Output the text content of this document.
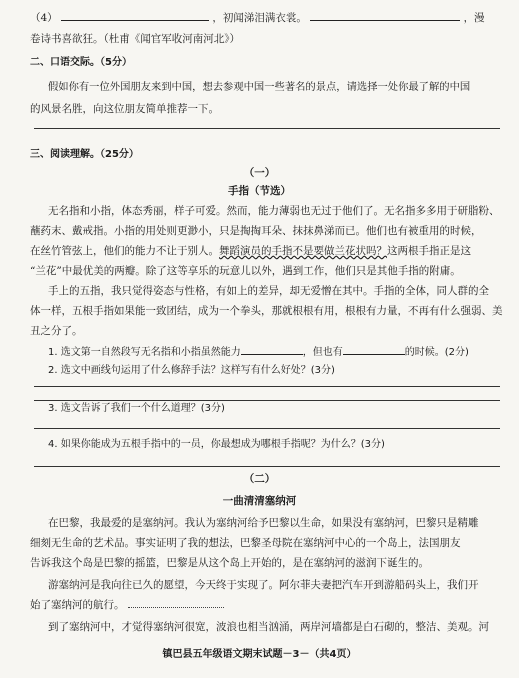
（4）	，初闻涕泪满衣裳。	，漫
卷诗书喜欲狂。（杜甫《闻官军收河南河北》）
二、口语交际。（5分）
假如你有一位外国朋友来到中国，想去参观中国一些著名的景点，请选择一处你最了解的中国
的风景名胜，向这位朋友简单推荐一下。
三、阅读理解。（25分）
（一）
手指（节选）
无名指和小指，体态秀丽，样子可爱。然而，能力薄弱也无过于他们了。无名指多多用于研脂粉、
蘸药末、戴戒指。小指的用处则更渺小，只是掏掏耳朵、抹抹鼻涕而已。他们也有被重用的时候，
在丝竹管弦上，他们的能力不让于别人。舞蹈演员的手指不是要做兰花状吗？这两根手指正是这
“兰花”中最优美的两瓣。除了这等享乐的玩意儿以外，遇到工作，他们只是其他手指的附庸。
手上的五指，我只觉得姿态与性格，有如上的差异，却无爱憎在其中。手指的全体，同人群的全
体一样，五根手指如果能一致团结，成为一个拳头，那就根根有用，根根有力量，不再有什么强弱、美
丑之分了。
1. 选文第一自然段写无名指和小指虽然能力	，但也有	的时候。(2分)
2. 选文中画线句运用了什么修辞手法？这样写有什么好处？(3分)
3. 选文告诉了我们一个什么道理？(3分)
4. 如果你能成为五根手指中的一员，你最想成为哪根手指呢？为什么？(3分)
（二）
一曲清清塞纳河
在巴黎，我最爱的是塞纳河。我认为塞纳河给予巴黎以生命，如果没有塞纳河，巴黎只是精雕
细刻无生命的艺术品。事实证明了我的想法，巴黎圣母院在塞纳河中心的一个岛上，法国朋友
告诉我这个岛是巴黎的摇篮，巴黎是从这个岛上开始的，是在塞纳河的滋润下诞生的。
游塞纳河是我向往已久的愿望，今天终于实现了。阿尔菲夫妻把汽车开到游船码头上，我们开
始了塞纳河的航行。
到了塞纳河中，才觉得塞纳河很宽，波浪也相当汹涌，两岸河墙都是白石砌的，整洁、美观。河
镇巴县五年级语文期末试题－3－（共4页）
